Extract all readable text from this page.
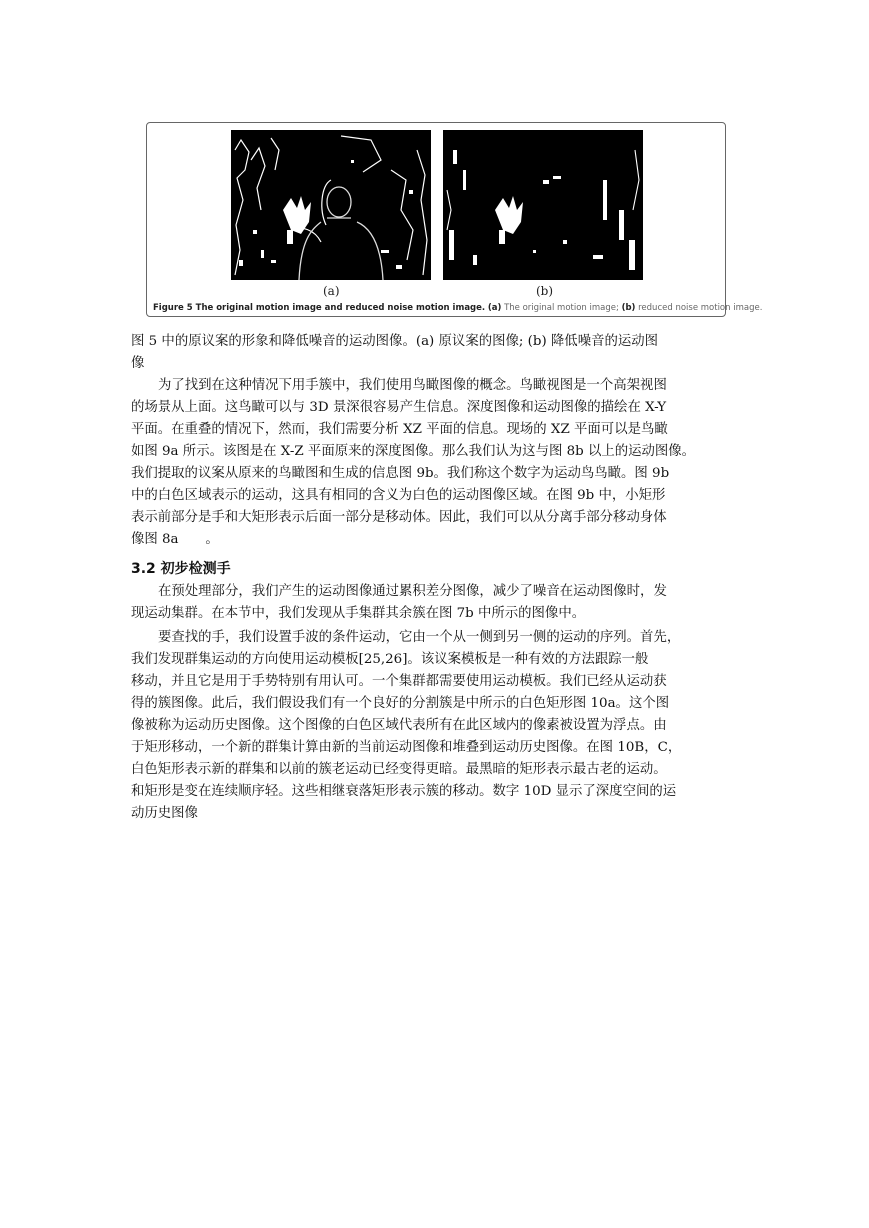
(a)	(b)
Figure 5 The original motion image and reduced noise motion image. (a) The original motion image; (b) reduced noise motion image.
图 5 中的原议案的形象和降低噪音的运动图像。(a) 原议案的图像; (b) 降低噪音的运动图
像
为了找到在这种情况下用手簇中，我们使用鸟瞰图像的概念。鸟瞰视图是一个高架视图
的场景从上面。这鸟瞰可以与 3D 景深很容易产生信息。深度图像和运动图像的描绘在 X-Y
平面。在重叠的情况下，然而，我们需要分析 XZ 平面的信息。现场的 XZ 平面可以是鸟瞰
如图 9a 所示。该图是在 X-Z 平面原来的深度图像。那么我们认为这与图 8b 以上的运动图像。
我们提取的议案从原来的鸟瞰图和生成的信息图 9b。我们称这个数字为运动鸟鸟瞰。图 9b
中的白色区域表示的运动，这具有相同的含义为白色的运动图像区域。在图 9b 中，小矩形
表示前部分是手和大矩形表示后面一部分是移动体。因此，我们可以从分离手部分移动身体
像图 8a　　。
3.2 初步检测手
在预处理部分，我们产生的运动图像通过累积差分图像，减少了噪音在运动图像时，发
现运动集群。在本节中，我们发现从手集群其余簇在图 7b 中所示的图像中。
要查找的手，我们设置手波的条件运动，它由一个从一侧到另一侧的运动的序列。首先，
我们发现群集运动的方向使用运动模板[25,26]。该议案模板是一种有效的方法跟踪一般
移动，并且它是用于手势特别有用认可。一个集群都需要使用运动模板。我们已经从运动获
得的簇图像。此后，我们假设我们有一个良好的分割簇是中所示的白色矩形图 10a。这个图
像被称为运动历史图像。这个图像的白色区域代表所有在此区域内的像素被设置为浮点。由
于矩形移动，一个新的群集计算由新的当前运动图像和堆叠到运动历史图像。在图 10B，C，
白色矩形表示新的群集和以前的簇老运动已经变得更暗。最黑暗的矩形表示最古老的运动。
和矩形是变在连续顺序轻。这些相继衰落矩形表示簇的移动。数字 10D 显示了深度空间的运
动历史图像
